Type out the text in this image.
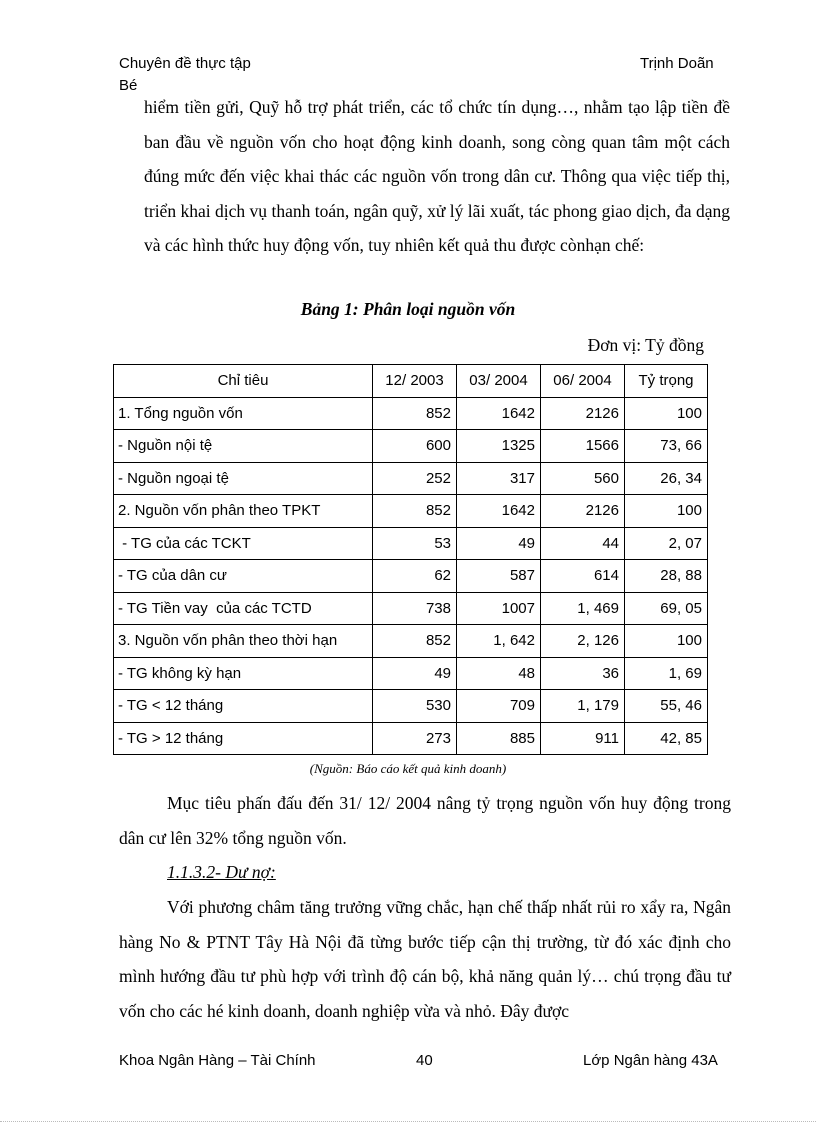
Chuyên đề thực tập
Bé
Trịnh Doãn
hiểm tiền gửi, Quỹ hỗ trợ phát triển, các tổ chức tín dụng…, nhằm tạo lập tiền đề ban đầu về nguồn vốn cho hoạt động kinh doanh, song còng quan tâm một cách đúng mức đến việc khai thác các nguồn vốn trong dân cư. Thông qua việc tiếp thị, triển khai dịch vụ thanh toán, ngân quỹ, xử lý lãi xuất, tác phong giao dịch, đa dạng và các hình thức huy động vốn, tuy nhiên kết quả thu được cònhạn chế:
Bảng 1: Phân loại nguồn vốn
Đơn vị: Tỷ đồng
Chỉ tiêu	12/ 2003	03/ 2004	06/ 2004	Tỷ trọng
1. Tổng nguồn vốn	852	1642	2126	100
- Nguồn nội tệ	600	1325	1566	73, 66
- Nguồn ngoại tệ	252	317	560	26, 34
2. Nguồn vốn phân theo TPKT	852	1642	2126	100
- TG của các TCKT	53	49	44	2, 07
- TG của dân cư	62	587	614	28, 88
- TG Tiền vay  của các TCTD	738	1007	1, 469	69, 05
3. Nguồn vốn phân theo thời hạn	852	1, 642	2, 126	100
- TG không kỳ hạn	49	48	36	1, 69
- TG < 12 tháng	530	709	1, 179	55, 46
- TG > 12 tháng	273	885	911	42, 85
(Nguồn: Báo cáo kết quả kinh doanh)
Mục tiêu phấn đấu đến 31/ 12/ 2004 nâng tỷ trọng nguồn vốn huy động trong dân cư lên 32% tổng nguồn vốn.
1.1.3.2- Dư nợ:
Với phương châm tăng trưởng vững chắc, hạn chế thấp nhất rủi ro xẩy ra, Ngân hàng No & PTNT Tây Hà Nội đã từng bước tiếp cận thị trường, từ đó xác định cho mình hướng đầu tư phù hợp với trình độ cán bộ, khả năng quản lý… chú trọng đầu tư vốn cho các hé kinh doanh, doanh nghiệp vừa và nhỏ. Đây được
Khoa Ngân Hàng – Tài Chính	40	Lớp Ngân hàng 43A
